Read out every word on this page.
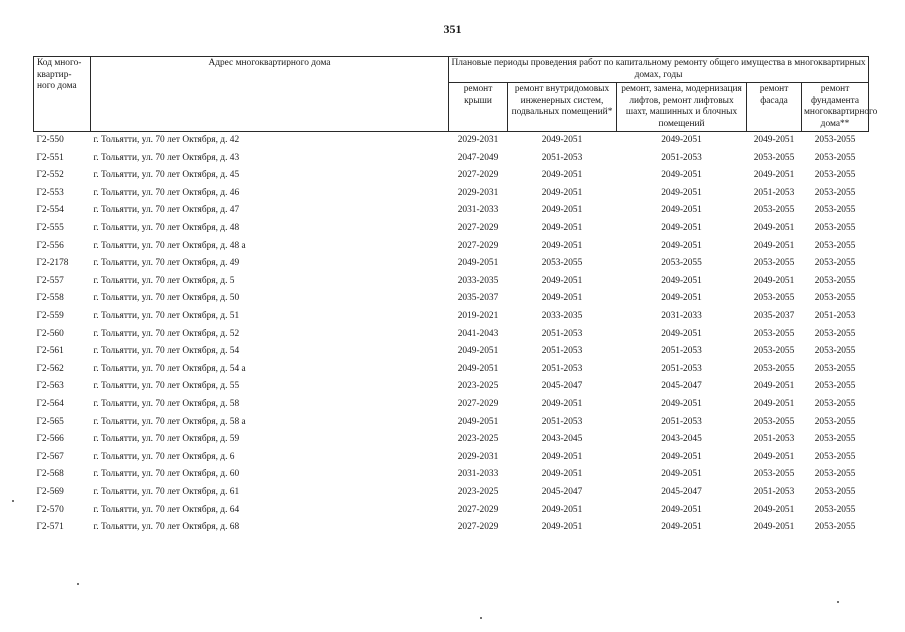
351
Код много-квартир-ного дома	Адрес многоквартирного дома	Плановые периоды проведения работ по капитальному ремонту общего имущества в многоквартирных домах, годы				
		ремонт крыши	ремонт внутридомовых инженерных систем, подвальных помещений*	ремонт, замена, модернизация лифтов, ремонт лифтовых шахт, машинных и блочных помещений	ремонт фасада	ремонт фундамента многоквартирного дома**
Г2-550	г. Тольятти, ул. 70 лет Октября, д. 42	2029-2031	2049-2051	2049-2051	2049-2051	2053-2055
Г2-551	г. Тольятти, ул. 70 лет Октября, д. 43	2047-2049	2051-2053	2051-2053	2053-2055	2053-2055
Г2-552	г. Тольятти, ул. 70 лет Октября, д. 45	2027-2029	2049-2051	2049-2051	2049-2051	2053-2055
Г2-553	г. Тольятти, ул. 70 лет Октября, д. 46	2029-2031	2049-2051	2049-2051	2051-2053	2053-2055
Г2-554	г. Тольятти, ул. 70 лет Октября, д. 47	2031-2033	2049-2051	2049-2051	2053-2055	2053-2055
Г2-555	г. Тольятти, ул. 70 лет Октября, д. 48	2027-2029	2049-2051	2049-2051	2049-2051	2053-2055
Г2-556	г. Тольятти, ул. 70 лет Октября, д. 48 а	2027-2029	2049-2051	2049-2051	2049-2051	2053-2055
Г2-2178	г. Тольятти, ул. 70 лет Октября, д. 49	2049-2051	2053-2055	2053-2055	2053-2055	2053-2055
Г2-557	г. Тольятти, ул. 70 лет Октября, д. 5	2033-2035	2049-2051	2049-2051	2049-2051	2053-2055
Г2-558	г. Тольятти, ул. 70 лет Октября, д. 50	2035-2037	2049-2051	2049-2051	2053-2055	2053-2055
Г2-559	г. Тольятти, ул. 70 лет Октября, д. 51	2019-2021	2033-2035	2031-2033	2035-2037	2051-2053
Г2-560	г. Тольятти, ул. 70 лет Октября, д. 52	2041-2043	2051-2053	2049-2051	2053-2055	2053-2055
Г2-561	г. Тольятти, ул. 70 лет Октября, д. 54	2049-2051	2051-2053	2051-2053	2053-2055	2053-2055
Г2-562	г. Тольятти, ул. 70 лет Октября, д. 54 а	2049-2051	2051-2053	2051-2053	2053-2055	2053-2055
Г2-563	г. Тольятти, ул. 70 лет Октября, д. 55	2023-2025	2045-2047	2045-2047	2049-2051	2053-2055
Г2-564	г. Тольятти, ул. 70 лет Октября, д. 58	2027-2029	2049-2051	2049-2051	2049-2051	2053-2055
Г2-565	г. Тольятти, ул. 70 лет Октября, д. 58 а	2049-2051	2051-2053	2051-2053	2053-2055	2053-2055
Г2-566	г. Тольятти, ул. 70 лет Октября, д. 59	2023-2025	2043-2045	2043-2045	2051-2053	2053-2055
Г2-567	г. Тольятти, ул. 70 лет Октября, д. 6	2029-2031	2049-2051	2049-2051	2049-2051	2053-2055
Г2-568	г. Тольятти, ул. 70 лет Октября, д. 60	2031-2033	2049-2051	2049-2051	2053-2055	2053-2055
Г2-569	г. Тольятти, ул. 70 лет Октября, д. 61	2023-2025	2045-2047	2045-2047	2051-2053	2053-2055
Г2-570	г. Тольятти, ул. 70 лет Октября, д. 64	2027-2029	2049-2051	2049-2051	2049-2051	2053-2055
Г2-571	г. Тольятти, ул. 70 лет Октября, д. 68	2027-2029	2049-2051	2049-2051	2049-2051	2053-2055
